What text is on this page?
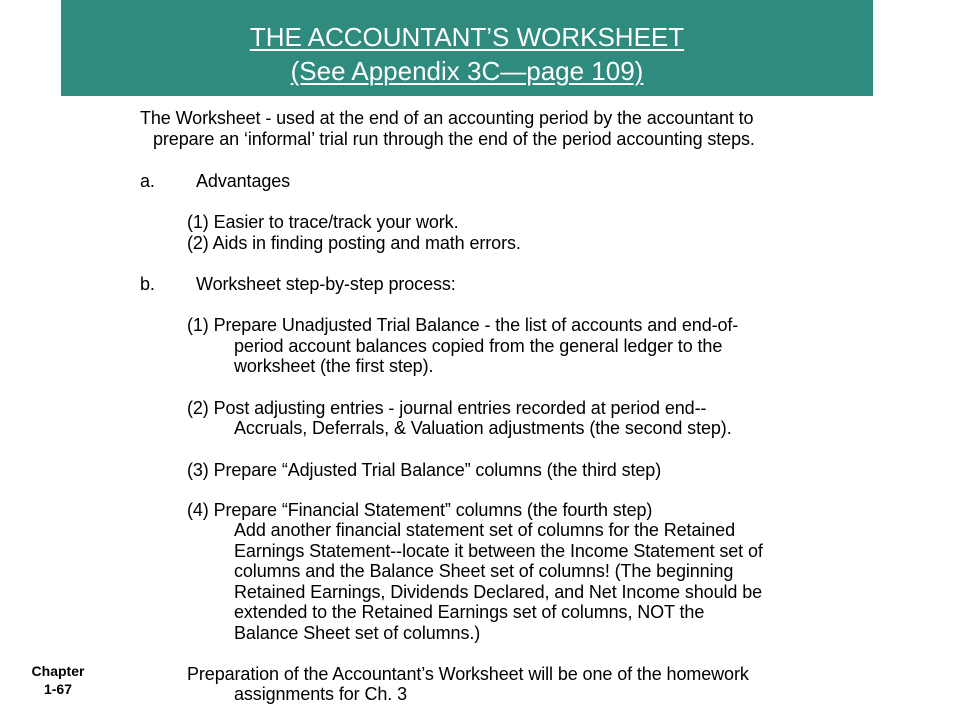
THE ACCOUNTANT’S WORKSHEET
(See Appendix 3C—page 109)
The Worksheet - used at the end of an accounting period by the accountant to
prepare an ‘informal’ trial run through the end of the period accounting steps.
a. Advantages
(1) Easier to trace/track your work.
(2) Aids in finding posting and math errors.
b. Worksheet step-by-step process:
(1) Prepare Unadjusted Trial Balance - the list of accounts and end-of-
period account balances copied from the general ledger to the
worksheet (the first step).
(2) Post adjusting entries - journal entries recorded at period end--
Accruals, Deferrals, & Valuation adjustments (the second step).
(3) Prepare “Adjusted Trial Balance” columns (the third step)
(4) Prepare “Financial Statement” columns (the fourth step)
Add another financial statement set of columns for the Retained
Earnings Statement--locate it between the Income Statement set of
columns and the Balance Sheet set of columns! (The beginning
Retained Earnings, Dividends Declared, and Net Income should be
extended to the Retained Earnings set of columns, NOT the
Balance Sheet set of columns.)
Preparation of the Accountant’s Worksheet will be one of the homework
assignments for Ch. 3
Chapter
1-67
